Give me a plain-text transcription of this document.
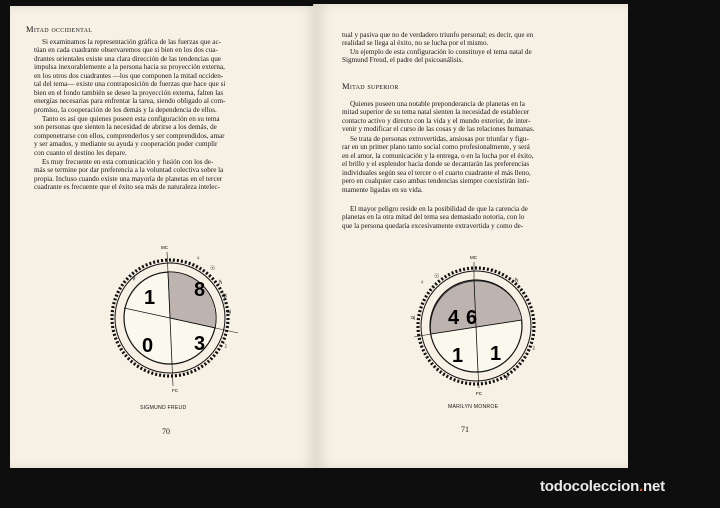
Mitad occidental

Si examinamos la representación gráfica de las fuerzas que ac-
túan en cada cuadrante observaremos que si bien en los dos cua-
drantes orientales existe una clara dirección de las tendencias que
impulsa inexorablemente a la persona hacia su proyección externa,
en los otros dos cuadrantes —los que componen la mitad occiden-
tal del tema— existe una contraposición de fuerzas que hace que si
bien en el fondo también se desee la proyección externa, falten las
energías necesarias para enfrentar la tarea, siendo obligado al com-
promiso, la cooperación de los demás y la dependencia de ellos.

Tanto es así que quienes poseen esta configuración en su tema
son personas que sienten la necesidad de abrirse a los demás, de
compenetrarse con ellos, comprenderlos y ser comprendidos, amar
y ser amados, y mediante su ayuda y cooperación poder cumplir
con cuanto el destino les depare.

Es muy frecuente en esta comunicación y fusión con los de-
más se termine por dar preferencia a la voluntad colectiva sobre la
propia. Incluso cuando existe una mayoría de planetas en el tercer
cuadrante es frecuente que el éxito sea más de naturaleza intelec-

MC
FC
8
3
0
1
♂
♀
☉
♄
♅
♃
☽
☿
SIGMUND FREUD
70

tual y pasiva que no de verdadero triunfo personal; es decir, que en
realidad se llega al éxito, no se lucha por el mismo.

Un ejemplo de esta configuración lo constituye el tema natal de
Sigmund Freud, el padre del psicoanálisis.

Mitad superior

Quienes poseen una notable preponderancia de planetas en la
mitad superior de su tema natal sienten la necesidad de establecer
contacto activo y directo con la vida y el mundo exterior, de inter-
venir y modificar el curso de las cosas y de las relaciones humanas.

Se trata de personas extrovertidas, ansiosas por triunfar y figu-
rar en un primer plano tanto social como profesionalmente, y será
en el amor, la comunicación y la entrega, o en la lucha por el éxito,
el brillo y el esplendor hacia donde se decantarán las preferencias
individuales según sea el tercer o el cuarto cuadrante el más lleno,
pero en cualquier caso ambas tendencias siempre coexistirán ínti-
mamente ligadas en su vida.

El mayor peligro reside en la posibilidad de que la carencia de
planetas en la otra mitad del tema sea demasiado notoria, con lo
que la persona quedaría excesivamente extravertida y como de-

MC
FC
4 6
1 1
♀
☉
♂
♄
♃
☽
♆
MARILYN MONROE
71
todocoleccion.net
